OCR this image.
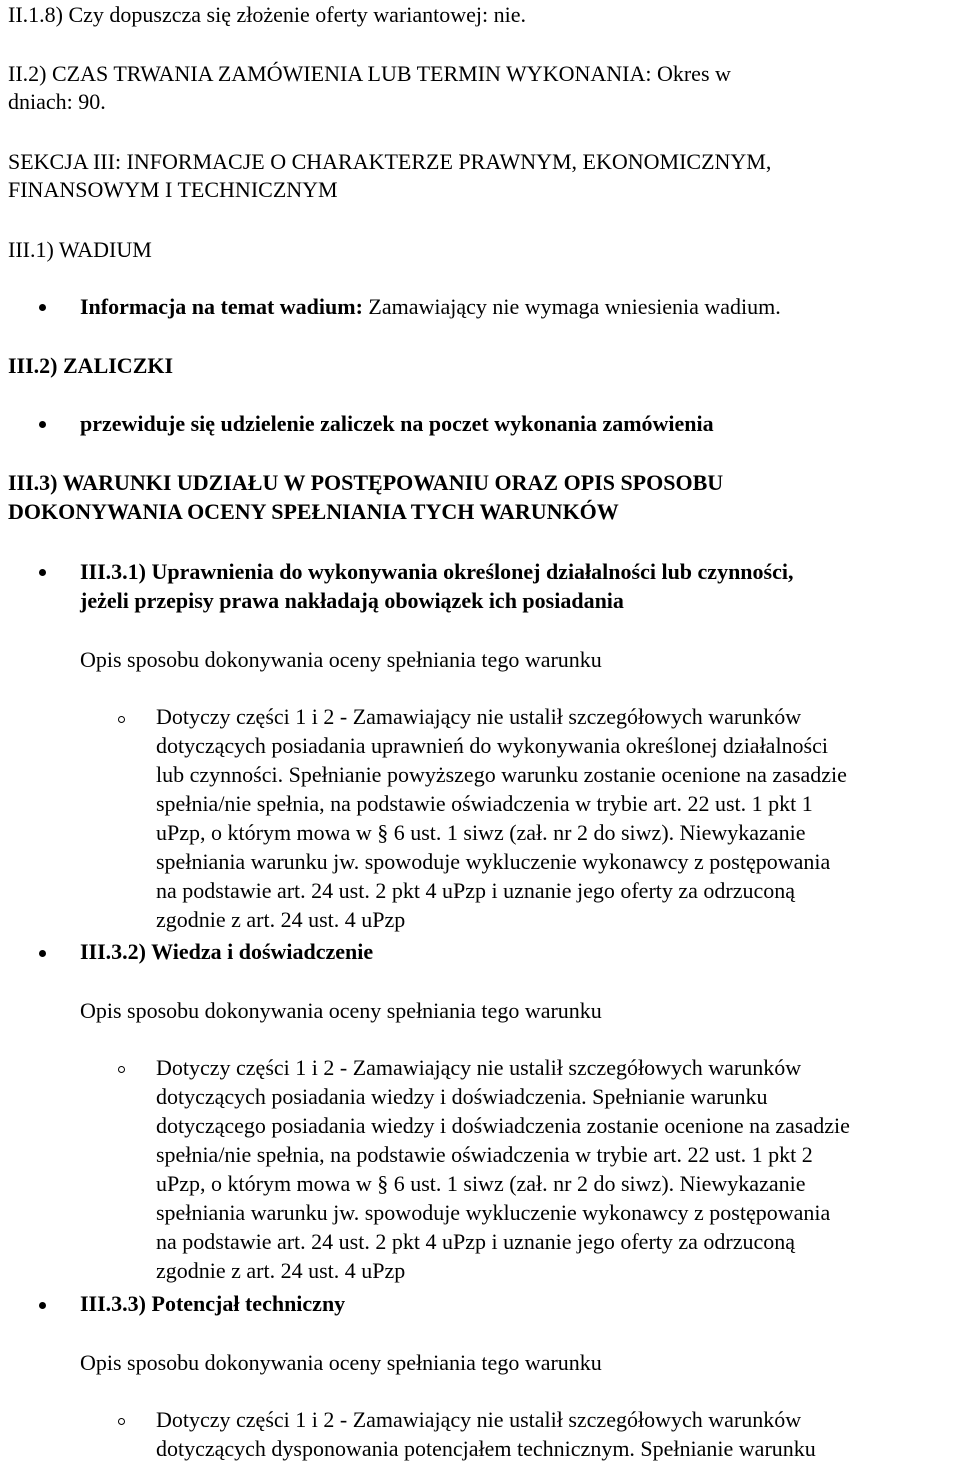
II.1.8) Czy dopuszcza się złożenie oferty wariantowej: nie.
II.2) CZAS TRWANIA ZAMÓWIENIA LUB TERMIN WYKONANIA: Okres w
dniach: 90.
SEKCJA III: INFORMACJE O CHARAKTERZE PRAWNYM, EKONOMICZNYM,
FINANSOWYM I TECHNICZNYM
III.1) WADIUM
Informacja na temat wadium: Zamawiający nie wymaga wniesienia wadium.
III.2) ZALICZKI
przewiduje się udzielenie zaliczek na poczet wykonania zamówienia
III.3) WARUNKI UDZIAŁU W POSTĘPOWANIU ORAZ OPIS SPOSOBU
DOKONYWANIA OCENY SPEŁNIANIA TYCH WARUNKÓW
III.3.1) Uprawnienia do wykonywania określonej działalności lub czynności,
jeżeli przepisy prawa nakładają obowiązek ich posiadania
Opis sposobu dokonywania oceny spełniania tego warunku
Dotyczy części 1 i 2 - Zamawiający nie ustalił szczegółowych warunków
dotyczących posiadania uprawnień do wykonywania określonej działalności
lub czynności. Spełnianie powyższego warunku zostanie ocenione na zasadzie
spełnia/nie spełnia, na podstawie oświadczenia w trybie art. 22 ust. 1 pkt 1
uPzp, o którym mowa w § 6 ust. 1 siwz (zał. nr 2 do siwz). Niewykazanie
spełniania warunku jw. spowoduje wykluczenie wykonawcy z postępowania
na podstawie art. 24 ust. 2 pkt 4 uPzp i uznanie jego oferty za odrzuconą
zgodnie z art. 24 ust. 4 uPzp
III.3.2) Wiedza i doświadczenie
Opis sposobu dokonywania oceny spełniania tego warunku
Dotyczy części 1 i 2 - Zamawiający nie ustalił szczegółowych warunków
dotyczących posiadania wiedzy i doświadczenia. Spełnianie warunku
dotyczącego posiadania wiedzy i doświadczenia zostanie ocenione na zasadzie
spełnia/nie spełnia, na podstawie oświadczenia w trybie art. 22 ust. 1 pkt 2
uPzp, o którym mowa w § 6 ust. 1 siwz (zał. nr 2 do siwz). Niewykazanie
spełniania warunku jw. spowoduje wykluczenie wykonawcy z postępowania
na podstawie art. 24 ust. 2 pkt 4 uPzp i uznanie jego oferty za odrzuconą
zgodnie z art. 24 ust. 4 uPzp
III.3.3) Potencjał techniczny
Opis sposobu dokonywania oceny spełniania tego warunku
Dotyczy części 1 i 2 - Zamawiający nie ustalił szczegółowych warunków
dotyczących dysponowania potencjałem technicznym. Spełnianie warunku
